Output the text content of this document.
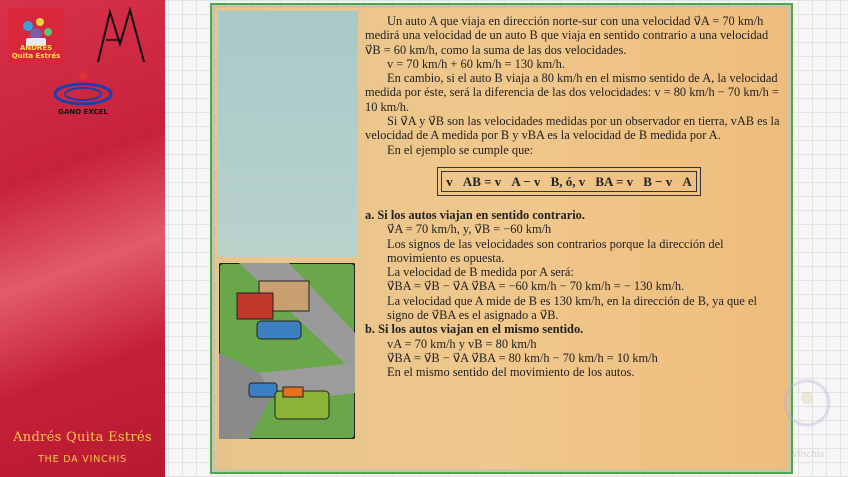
ANDRÉS
Quita Estrés
GANO EXCEL
Andrés Quita Estrés
THE DA VINCHIS

Un auto A que viaja en dirección norte-sur con una velocidad v⃗A = 70 km/h medirá una velocidad de un auto B que viaja en sentido contrario a una velocidad v⃗B = 60 km/h, como la suma de las dos velocidades.

v = 70 km/h + 60 km/h = 130 km/h.

En cambio, si el auto B viaja a 80 km/h en el mismo sentido de A, la velocidad medida por éste, será la diferencia de las dos velocidades: v = 80 km/h − 70 km/h = 10 km/h.

Si v⃗A y v⃗B son las velocidades medidas por un observador en tierra, vAB es la velocidad de A medida por B y vBA es la velocidad de B medida por A.

En el ejemplo se cumple que:

v⃗AB = v⃗A − v⃗B, ó, v⃗BA = v⃗B − v⃗A

a. Si los autos viajan en sentido contrario.

v⃗A = 70 km/h, y, v⃗B = −60 km/h

Los signos de las velocidades son contrarios porque la dirección del movimiento es opuesta.

La velocidad de B medida por A será:

v⃗BA = v⃗B − v⃗A v⃗BA = −60 km/h − 70 km/h = − 130 km/h.

La velocidad que A mide de B es 130 km/h, en la dirección de B, ya que el signo de v⃗BA es el asignado a v⃗B.

b. Si los autos viajan en el mismo sentido.

vA = 70 km/h y vB = 80 km/h

v⃗BA = v⃗B − v⃗A v⃗BA = 80 km/h − 70 km/h = 10 km/h

En el mismo sentido del movimiento de los autos.

Vinchis
